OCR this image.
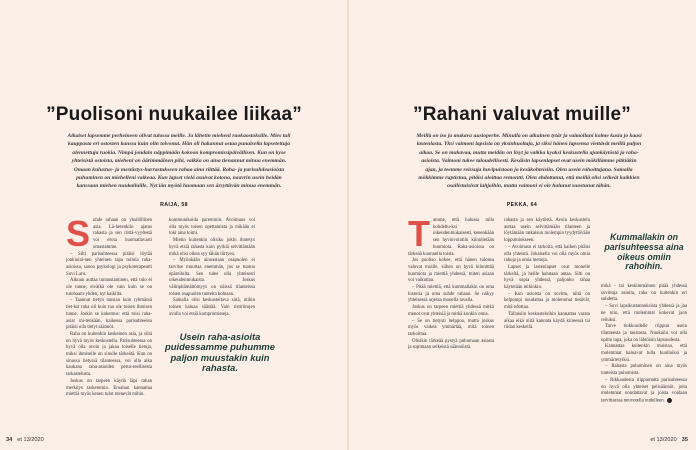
”Puolisoni nuukailee liikaa”
Aikaiset lapsemme perheineen olivat tulossa meille. Ja lähetin miehenl ruokaostoksille. Mies tuli kauppasta eri ostosten kanssa kuin olin toivonut. Hän oli hakannut ostaa punaisella lapsetettuja alennettuja ruokia. Nimpä joudain näppimään kokoon kompromissipäivällisen. Kun on kyse yhteisistä ostoista, miehenl on äärimmäinen pihi, vaikka on aina tienannut minua enemmän. Omaan kulustus- ja mestästys-harrastukseen rahaa aina riittää. Raha- ja parisuhdeasioista puhuminen on miehelleni vaikeaa. Kun lapset vielä asuivat kotona, naavrin usein heidän kanssaan miehen nuukailuille. Nyt iän myötä huomaan sen ärsyttävän minua enemmän.
RAIJA, 58

Suhde rahaan on yksilöllinen asia. Lä-hetenkiin ajatus rahasta ja sen riittä-vyydestä voi erota huomattavasti omastamme.

– Silti parisuhteessa pitäisi löytää jonkinlai-nen yhteinen tapa toimia raha-asioissa, sanoo psykologi ja psykoterapeutti Suvi Laru.

Alkuun auttaa tunnustaminen, että tulo ei ole tunne, eivätkä ole vain kuin se on tulohaam-yhden, nyt kaikilta.

– Taannut tietyn taustan kuin ryhmässä tiet-ksi raha oli kuin tuo ole toisen ihmisen tunne. Joskin se kokemus: että toisi raha-asiat mi-tenkään, kaikessa parisuhteessa pitäisi olla tietyt säännöt.

Raha on kuitenkin keskeinen asia, ja siitä on hyvä myös keskustella. Parisuhteessa on hyvä olla avoin ja jakaa toiselle tietoja, miksi ihmiselle on sinulle tärkeätä. Kun on sinussa tietyssä tilanteessa, voi olla aika kaukana raha-asioiden perus-teellisesta tarkastelusta.

Joskus on tarpeen käydä läpi rahan merkitys tarkemmin. Eroahan kannattaa miettiä myös kenen tulot menevät mihin.

kommunikoida paremmin. Avoimuus voi olla myös toisen opettamista ja mikään ei toki aina toimi.

Mietin kuitenkin olisiko jokin ihmetys hyvä etsiä rahasta kuin pyrkiä selvittämään mikä olisi oikea syy tähän liittyen.

– Myönkään ainoastaan osapuolen ei tarvitse muuttaa enemmän, jos se tuntuu epäreilulta. Sen tulee olla yhteisesti oikeudenmukaista. Joskus välinpitämättömyys on näissä tilanteissa toisen osapuolen tunteita kohtaan.

Samalla olisi keskusteltava siitä, mihin toinen haluaa säästää. Vain ristiriitojen avulla voi etsiä kompromisseja.

Usein raha-asioita puidessamme puhumme paljon muustakin kuin rahasta.
34 et 13/2020
”Rahani valuvat muille”
Meillä on iso ja mukava uusioperhe. Minulla on aikuinen tytär ja vaimollani kolme kasia jo kaasi lastenlasta. Yksi vaimoni lapsista on yksinhuoltaja, ja siksi hänen lapsensa viettävät meillä paljon aikaa. Se on mukavaa, mutta meidän on lisyt ja vaikka kyaksi keskustella ajankäytöstä ja raha-asioista. Vaimoni tukee taloudellisesti. Kesäisin lapsenlapset ovat usein mökillämme pitkiäkin ajan, ja teemme reissuja huvipuistoon ja kesäkohteisiin. Olen usein rahoittajana. Samalla mökkimme ruptistuu, pitäisi aloittaa remontti. Olen ehdottanut, että meillä olisi selkeät kaikkien osallistuisivat lahjoihin, mutta vaimoni ei ole halunut suostunut tähän.
PEKKA, 64

Tamme, että halussa tulla kohdeltu-ksi oikeudenmukaisesti, kenenkään sen hyvinvointiin kiinnitetään huomiota. Raha-asioissa on tärkeää kuunnella toista.

Jos puoliso kokee, että hänen tulonsa valuvat muille, siihen on hyvä kiinnittää huomiota ja miettiä yhdessä, miten asiaan voi vaikuttaa.

– Pitää miettiä, että kummallakin on oma historia ja oma suhde rahaan. Se näkyy yhteisessä arjessa monella tavalla.

Joskus on tarpeen miettiä yhdessä mitkä menot ovat yhteisiä ja mitkä kunkin omia.

– Se on tietysti helppoa, mutta joskus myös vaikea ymmärtää, mitä toinen tarkoittaa.

Olisikin tärkeää pystyä puhumaan asiasta ja sopimaan selkeistä säännöistä.

rahasta ja sen käytöstä. Avoin keskustelu auttaa usein selvittämään tilanteen ja löytämään ratkaisun molempia tyydyttävään lopputulokseen.

– Avoimuus ei tarkoita, että kaiken pitäisi olla yhteistä. Jokaisella voi olla myös omia rahoja ja omia menoja.

Lapset ja lastenlapset ovat monelle tärkeitä, ja heille halutaan antaa. Silti on hyvä sopia yhdessä, paljonko rahaa käytetään mihinkin.

– Kun asioista on sovittu, niitä on helpompi noudattaa ja molemmat tietävät, mitä odottaa.

Tällaisiin keskusteluihin kannattaa varata aikaa eikä niitä kannata käydä kiireessä tai riidan keskellä.

Kummallakin on parisuhteessa aina oikeus omiin rahoihin.

mikä - tai keskimmäinen pitää yhdessä sovittuja asioita, raha on kuitenkin eri suhdetta.

– Sovi lapsikustannuksista yhdessä ja jaa ne niin, että molemmat kokevat jaon reiluksi.

Tarve tiukkuudelle riippuu usein tilanteesta ja taustasta. Nuukailu voi olla opittu tapa, joka on lähtöisin lapsuudesta.

Kannattaa kuitenkin muistaa, että molemmat haluavat tulla kuulluiksi ja ymmärretyiksi.

– Rahasta puhuminen on aina myös tunteista puhumista.

– Rikkaudesta riippumatta parisuhteessa on hyvä olla yhteiset pelisäännöt, joita molemmat noudattavat ja joista voidaan tarvittaessa neuvotella uudelleen.

et 13/2020 35
